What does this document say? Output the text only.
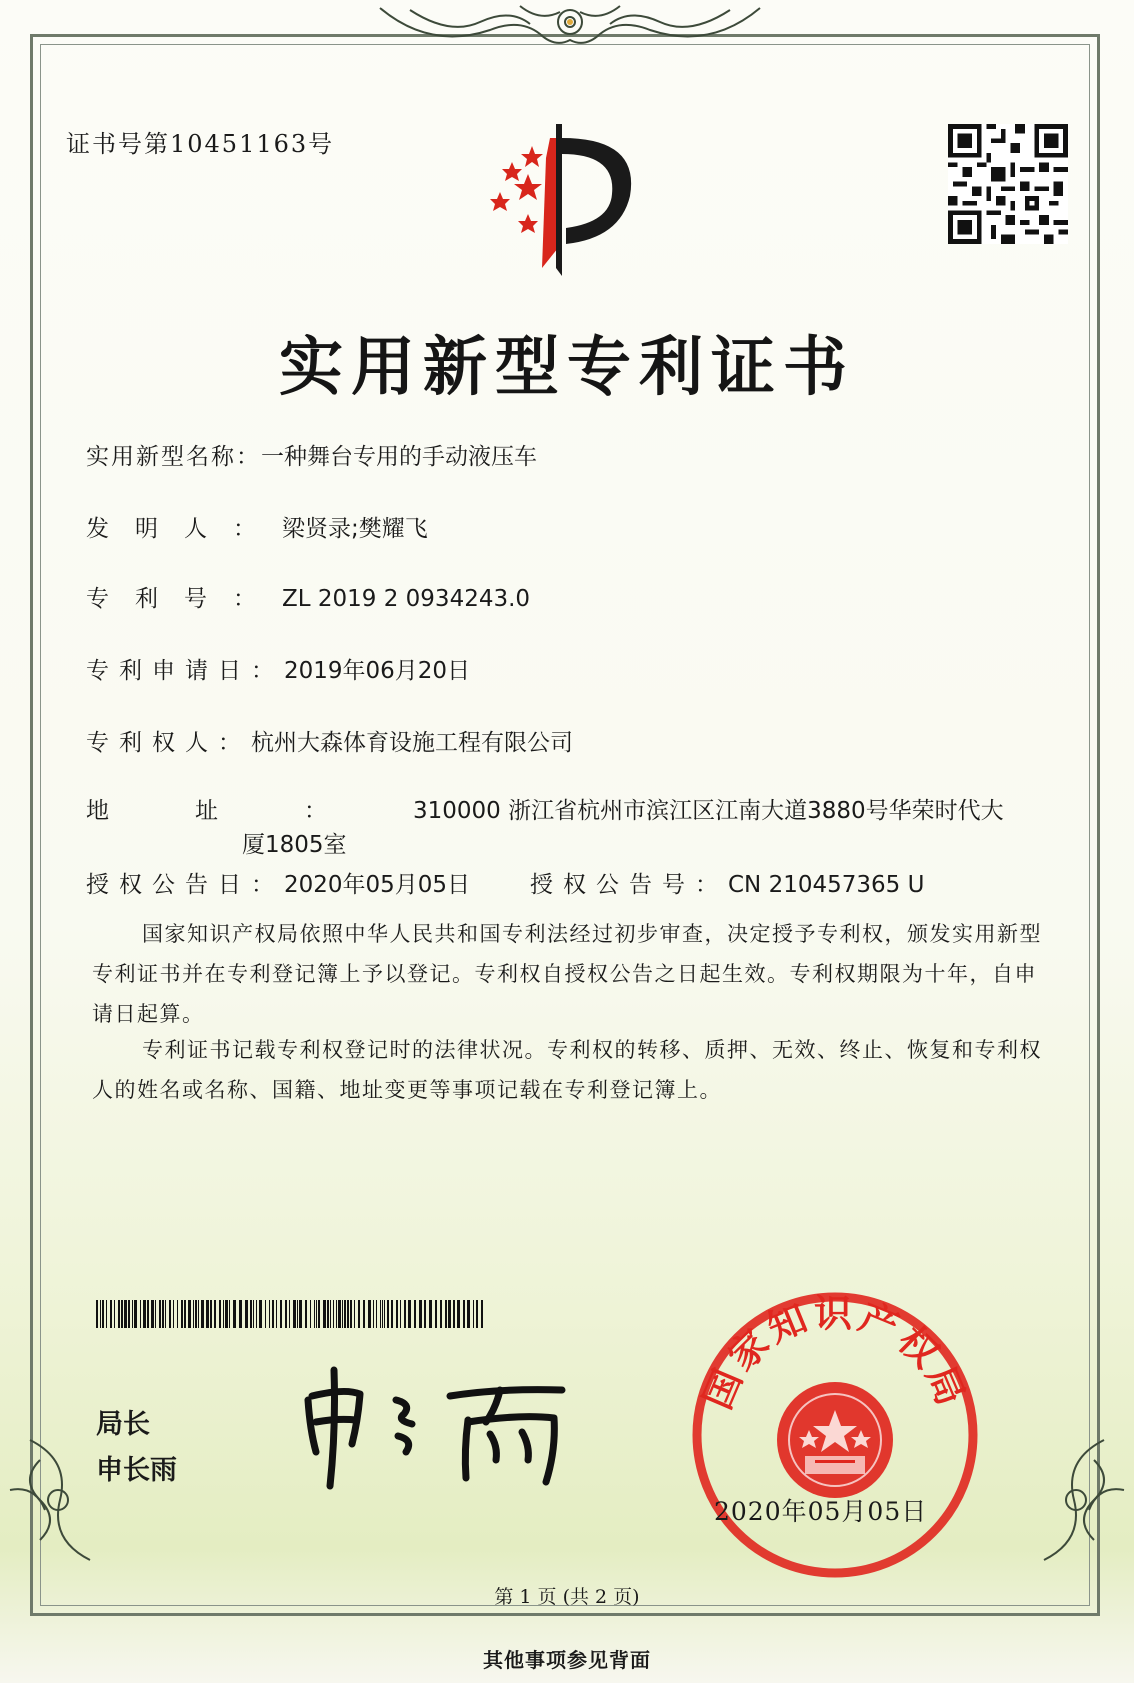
证书号第10451163号
实用新型专利证书
实用新型名称：一种舞台专用的手动液压车
发明人：梁贤录;樊耀飞
专利号：ZL 2019 2 0934243.0
专利申请日：2019年06月20日
专利权人：杭州大森体育设施工程有限公司
地址：310000 浙江省杭州市滨江区江南大道3880号华荣时代大
厦1805室
授权公告日：2020年05月05日	授权公告号：CN 210457365 U
国家知识产权局依照中华人民共和国专利法经过初步审查，决定授予专利权，颁发实用新型专利证书并在专利登记簿上予以登记。专利权自授权公告之日起生效。专利权期限为十年，自申请日起算。
专利证书记载专利权登记时的法律状况。专利权的转移、质押、无效、终止、恢复和专利权人的姓名或名称、国籍、地址变更等事项记载在专利登记簿上。
局长
申长雨
国家知识产权局
2020年05月05日
第 1 页 (共 2 页)
其他事项参见背面
